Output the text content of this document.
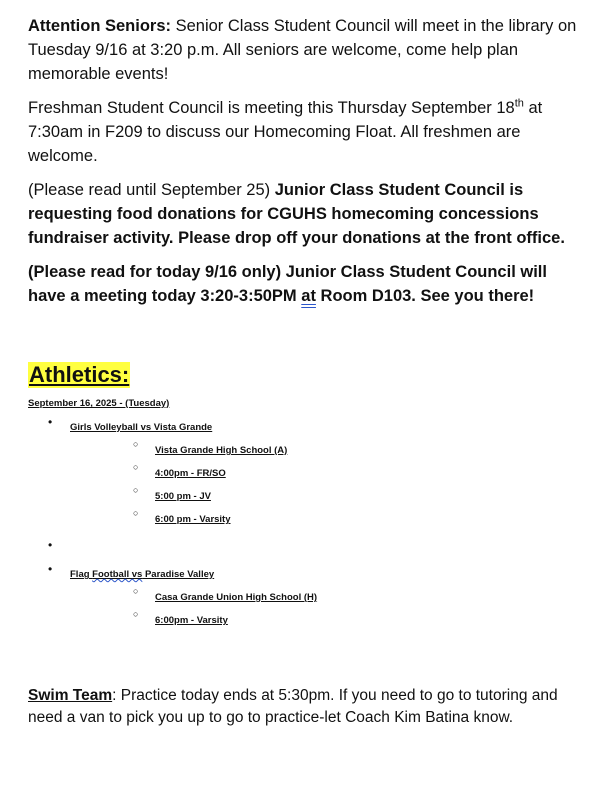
Attention Seniors: Senior Class Student Council will meet in the library on Tuesday 9/16 at 3:20 p.m. All seniors are welcome, come help plan memorable events!

Freshman Student Council is meeting this Thursday September 18th at 7:30am in F209 to discuss our Homecoming Float. All freshmen are welcome.

(Please read until September 25) Junior Class Student Council is requesting food donations for CGUHS homecoming concessions fundraiser activity. Please drop off your donations at the front office.

(Please read for today 9/16 only) Junior Class Student Council will have a meeting today 3:20-3:50PM at Room D103. See you there!

Athletics:
September 16, 2025 - (Tuesday)
• Girls Volleyball vs Vista Grande
○ Vista Grande High School (A)
○ 4:00pm - FR/SO
○ 5:00 pm - JV
○ 6:00 pm - Varsity
•
• Flag Football vs Paradise Valley
○ Casa Grande Union High School (H)
○ 6:00pm - Varsity

Swim Team: Practice today ends at 5:30pm. If you need to go to tutoring and need a van to pick you up to go to practice-let Coach Kim Batina know.
